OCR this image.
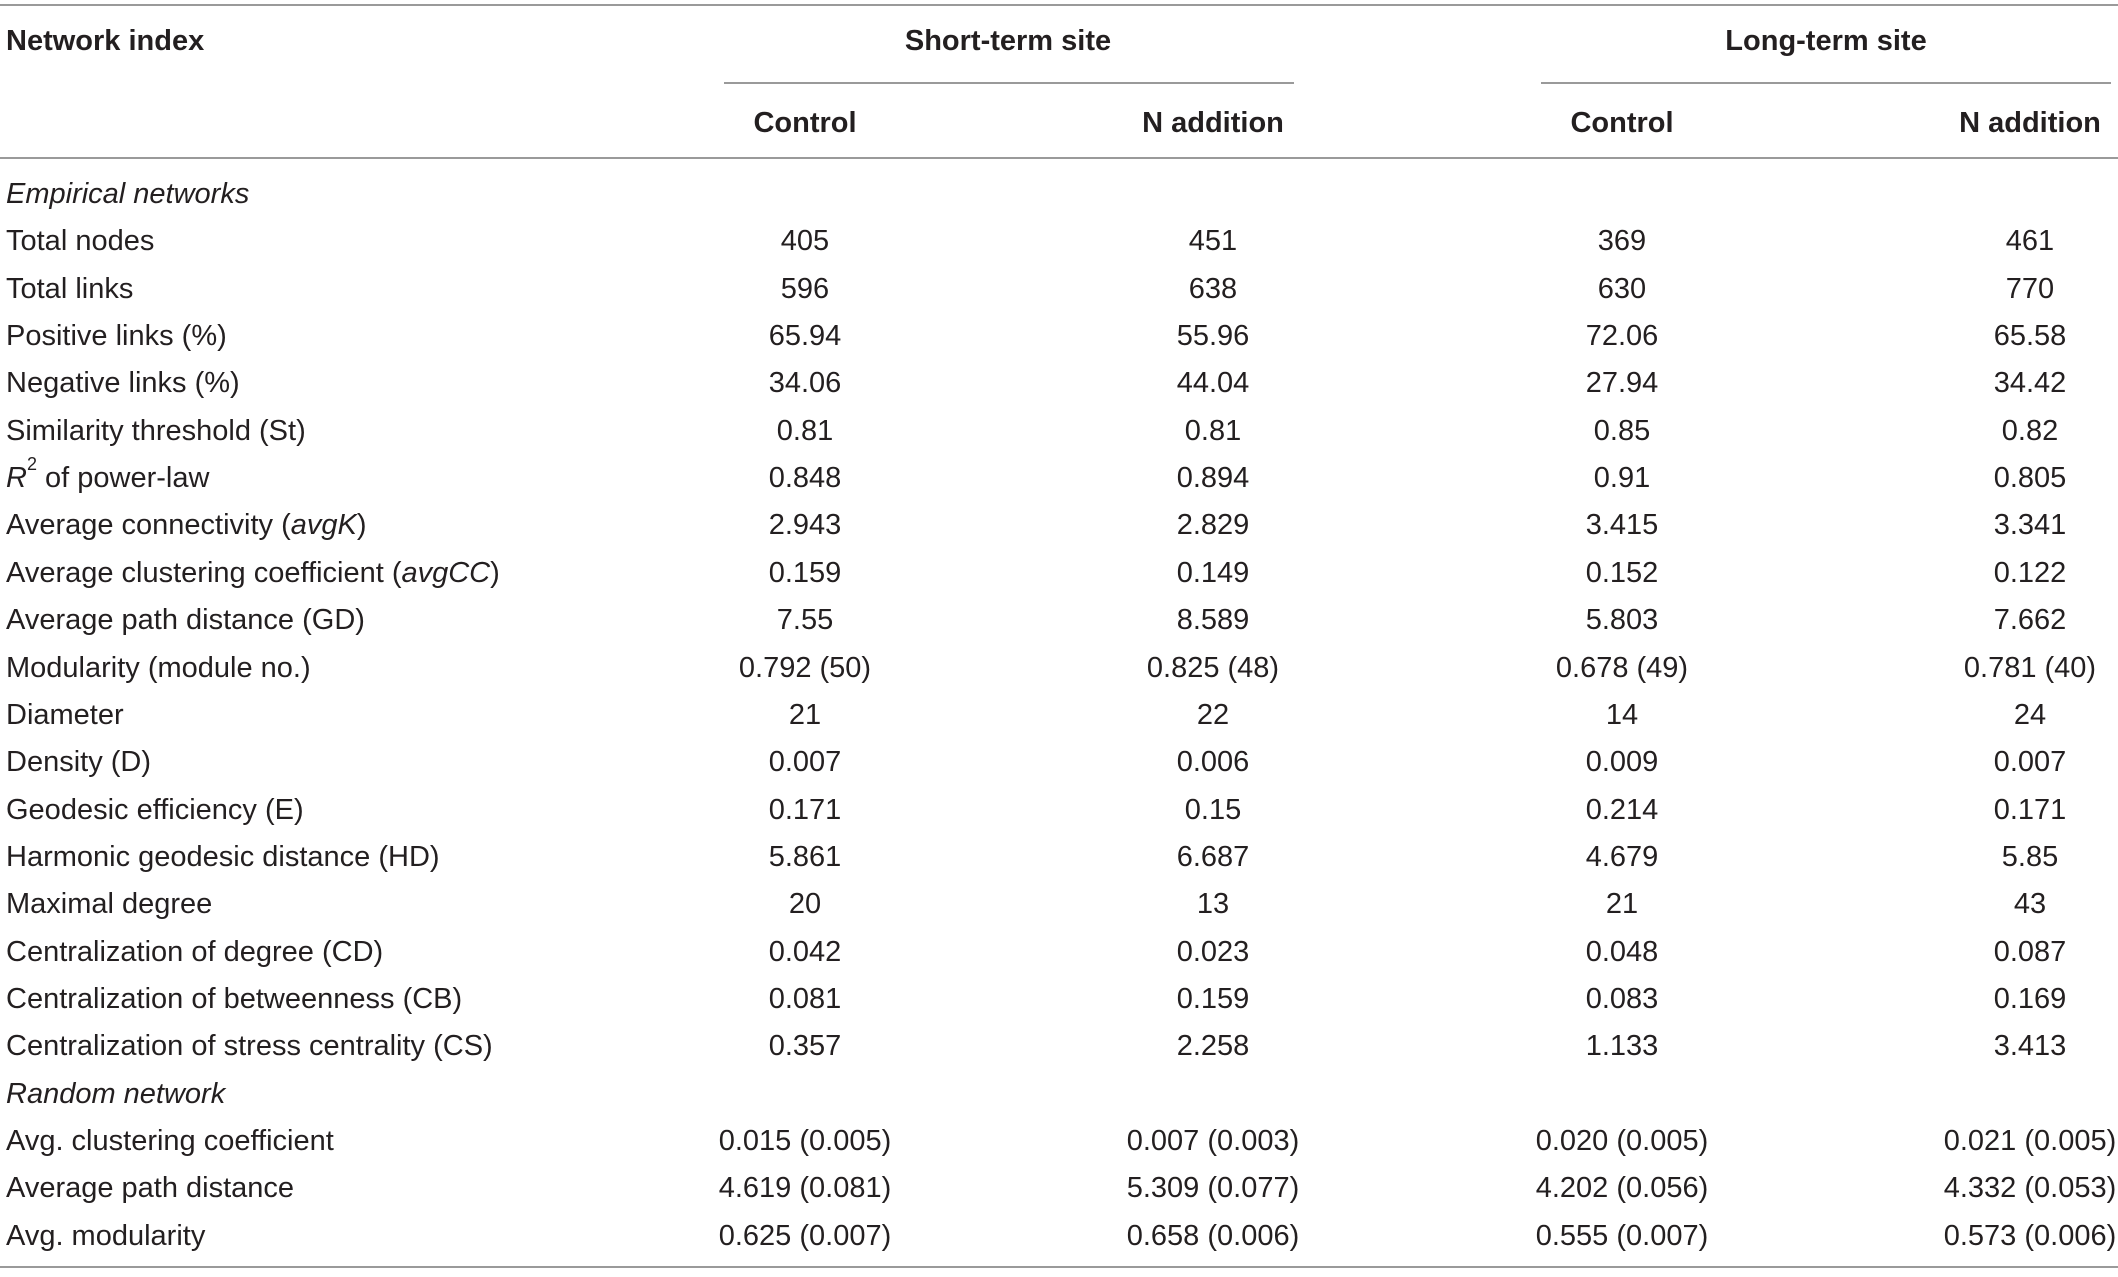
Network index	Short-term site	Long-term site
Control	N addition	Control	N addition
Empirical networks
Total nodes	405	451	369	461
Total links	596	638	630	770
Positive links (%)	65.94	55.96	72.06	65.58
Negative links (%)	34.06	44.04	27.94	34.42
Similarity threshold (St)	0.81	0.81	0.85	0.82
$R^2$ of power-law	0.848	0.894	0.91	0.805
Average connectivity (avgK)	2.943	2.829	3.415	3.341
Average clustering coefficient (avgCC)	0.159	0.149	0.152	0.122
Average path distance (GD)	7.55	8.589	5.803	7.662
Modularity (module no.)	0.792 (50)	0.825 (48)	0.678 (49)	0.781 (40)
Diameter	21	22	14	24
Density (D)	0.007	0.006	0.009	0.007
Geodesic efficiency (E)	0.171	0.15	0.214	0.171
Harmonic geodesic distance (HD)	5.861	6.687	4.679	5.85
Maximal degree	20	13	21	43
Centralization of degree (CD)	0.042	0.023	0.048	0.087
Centralization of betweenness (CB)	0.081	0.159	0.083	0.169
Centralization of stress centrality (CS)	0.357	2.258	1.133	3.413
Random network
Avg. clustering coefficient	0.015 (0.005)	0.007 (0.003)	0.020 (0.005)	0.021 (0.005)
Average path distance	4.619 (0.081)	5.309 (0.077)	4.202 (0.056)	4.332 (0.053)
Avg. modularity	0.625 (0.007)	0.658 (0.006)	0.555 (0.007)	0.573 (0.006)
